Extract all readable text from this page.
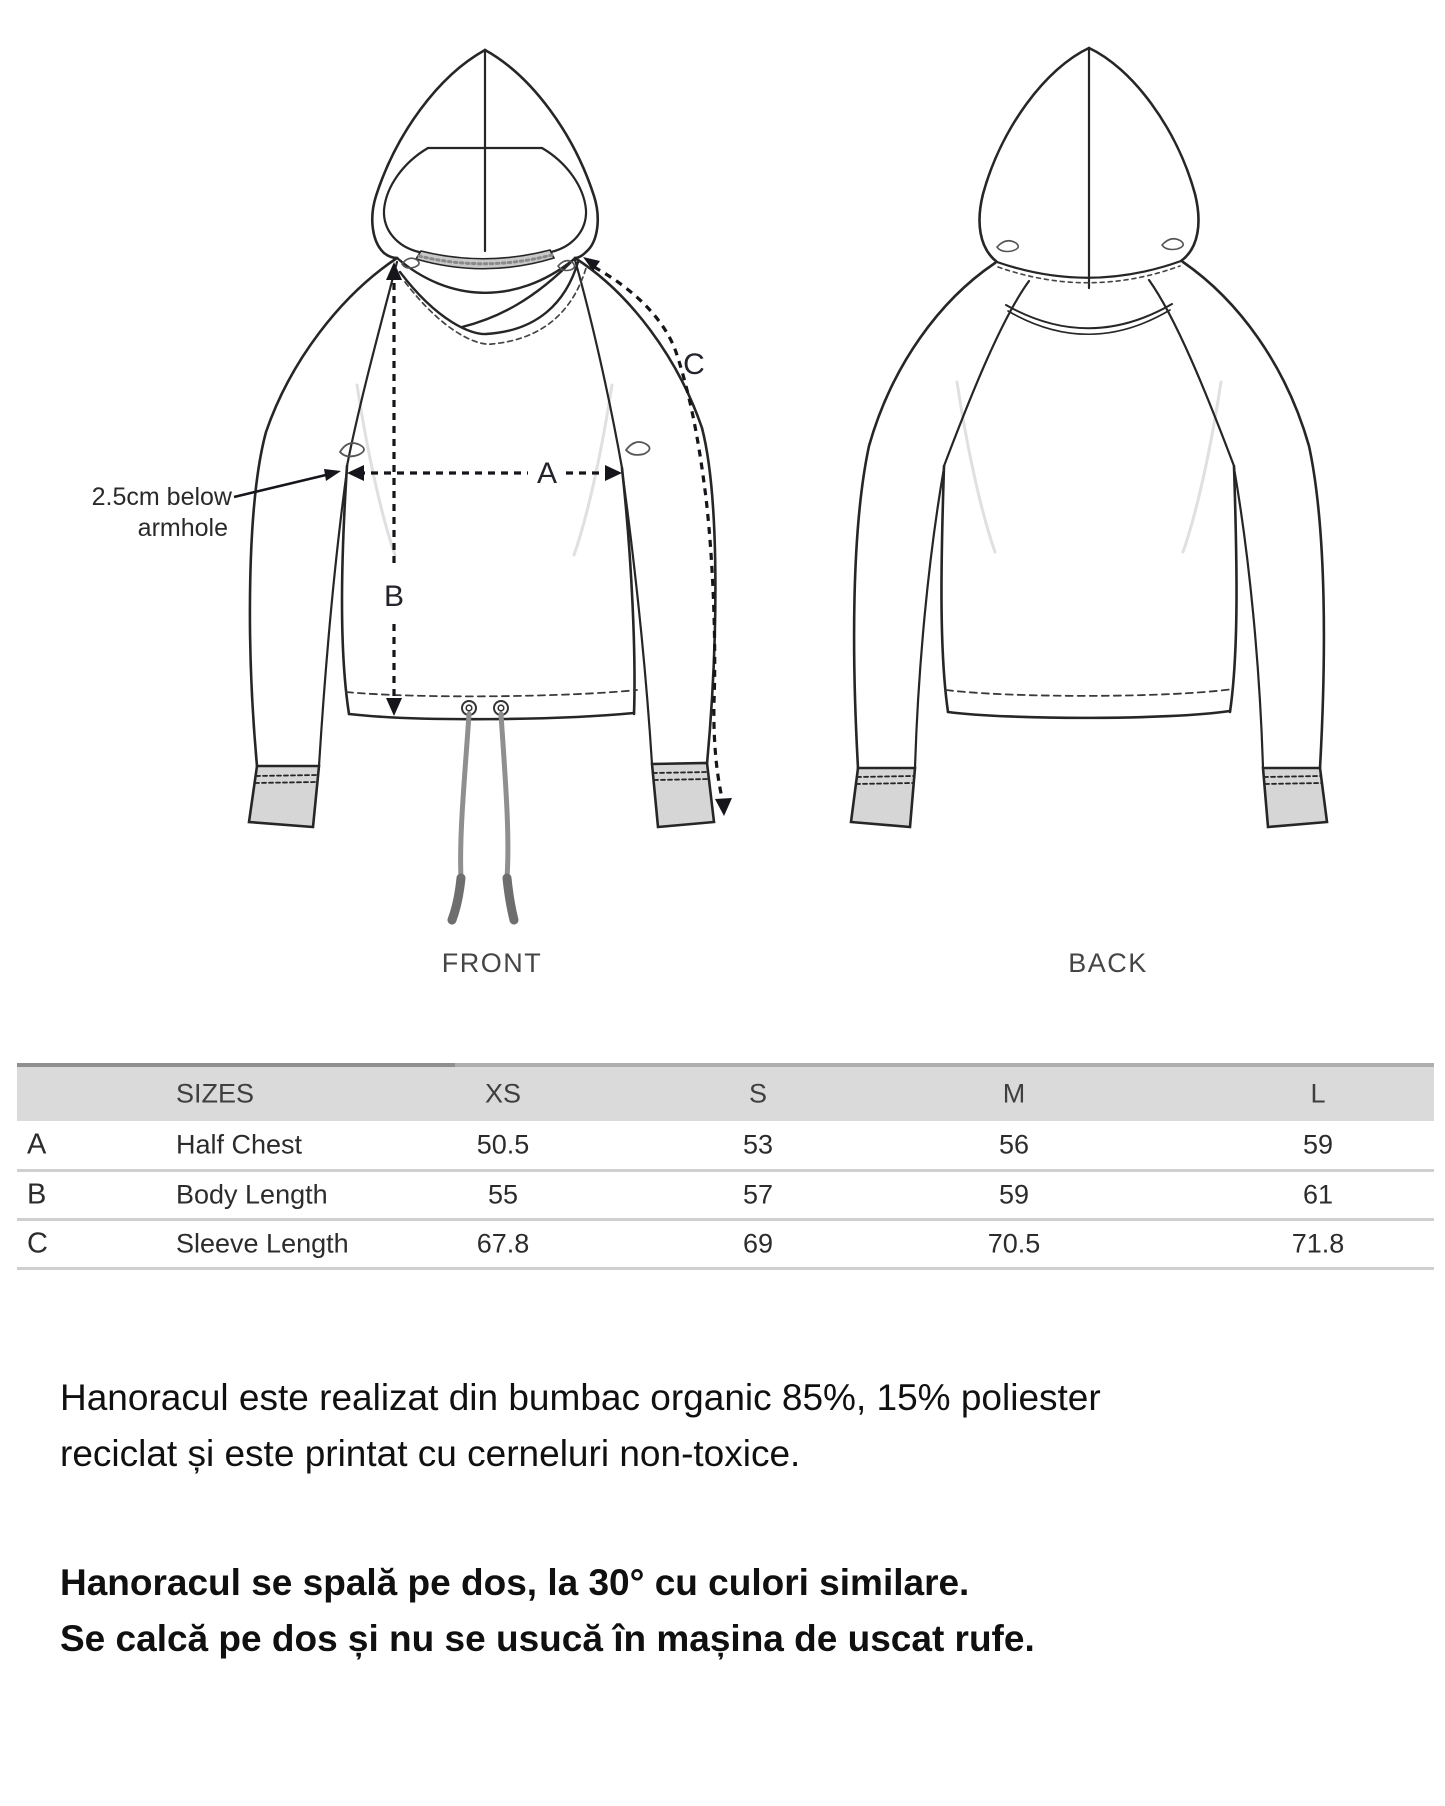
A
B
C
2.5cm below
armhole
FRONT	BACK
SIZES	XS	S	M	L
A	Half Chest	50.5	53	56	59
B	Body Length	55	57	59	61
C	Sleeve Length	67.8	69	70.5	71.8
Hanoracul este realizat din bumbac organic 85%, 15% poliester
reciclat și este printat cu cerneluri non-toxice.
Hanoracul se spală pe dos, la 30° cu culori similare.
Se calcă pe dos și nu se usucă în mașina de uscat rufe.
